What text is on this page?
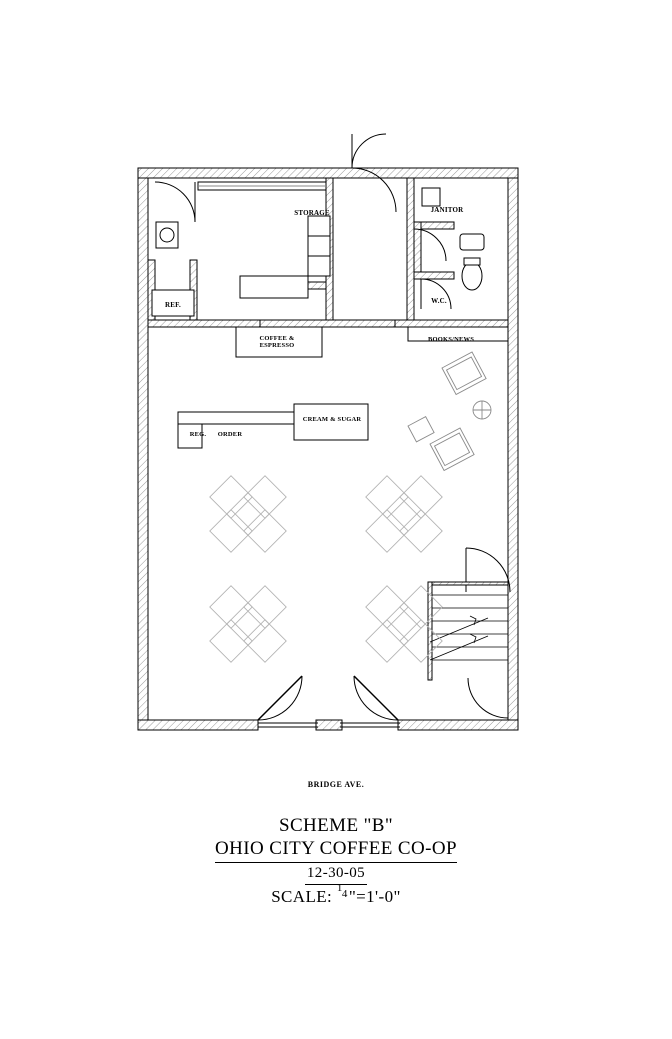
STORAGE	JANITOR
REF.	W.C.
BOOKS/NEWS
COFFEE & ESPRESSO
CREAM & SUGAR
REG.	ORDER
BRIDGE AVE.
SCHEME "B"
OHIO CITY COFFEE CO-OP
12-30-05
SCALE: 1
4 "=1'-0"
